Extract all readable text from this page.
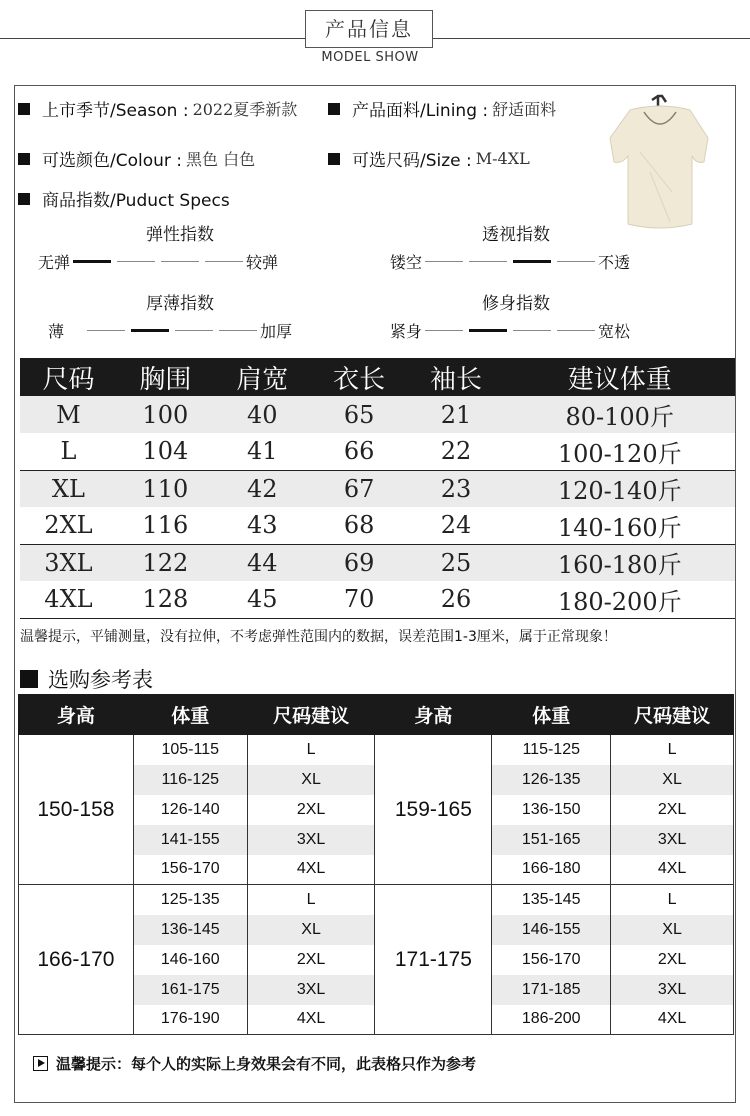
产品信息
MODEL SHOW
上市季节/Season : 2022夏季新款	产品面料/Lining : 舒适面料
可选颜色/Colour : 黑色 白色	可选尺码/Size : M-4XL
商品指数/Puduct Specs
弹性指数	透视指数
厚薄指数	修身指数
无弹	较弹	镂空	不透
薄	加厚	紧身	宽松
尺码	胸围	肩宽	衣长	袖长	建议体重
M	100	40	65	21	80-100斤
L	104	41	66	22	100-120斤
XL	110	42	67	23	120-140斤
2XL	116	43	68	24	140-160斤
3XL	122	44	69	25	160-180斤
4XL	128	45	70	26	180-200斤
温馨提示，平铺测量，没有拉伸，不考虑弹性范围内的数据，误差范围1-3厘米，属于正常现象！
选购参考表
身高	体重	尺码建议	身高	体重	尺码建议
150-158	105-115	L	159-165	115-125	L
	116-125	XL		126-135	XL
	126-140	2XL		136-150	2XL
	141-155	3XL		151-165	3XL
	156-170	4XL		166-180	4XL
166-170	125-135	L	171-175	135-145	L
	136-145	XL		146-155	XL
	146-160	2XL		156-170	2XL
	161-175	3XL		171-185	3XL
	176-190	4XL		186-200	4XL
温馨提示：每个人的实际上身效果会有不同，此表格只作为参考
